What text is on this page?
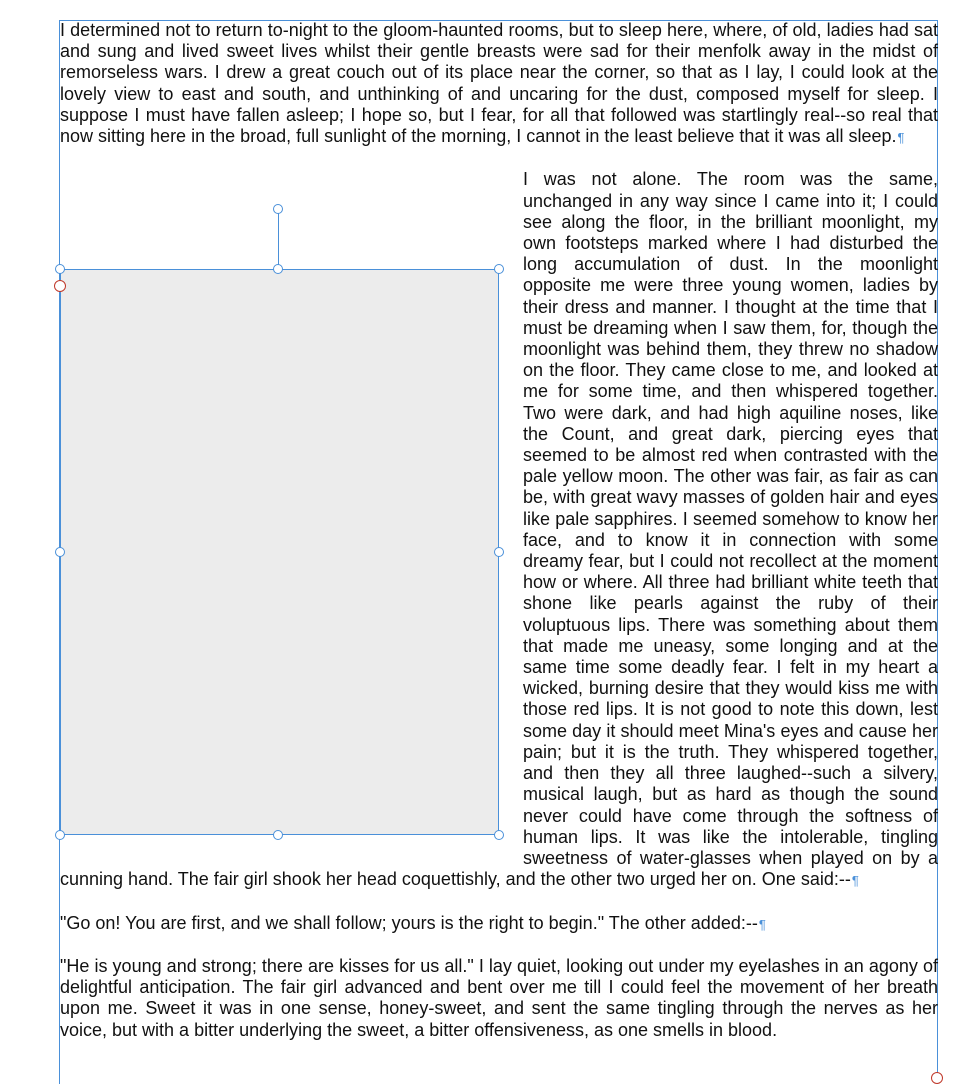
I determined not to return to-night to the gloom-haunted rooms, but to sleep here, where, of old, ladies had sat and sung and lived sweet lives whilst their gentle breasts were sad for their menfolk away in the midst of remorseless wars. I drew a great couch out of its place near the corner, so that as I lay, I could look at the lovely view to east and south, and unthinking of and uncaring for the dust, composed myself for sleep. I suppose I must have fallen asleep; I hope so, but I fear, for all that followed was startlingly real--so real that now sitting here in the broad, full sunlight of the morning, I cannot in the least believe that it was all sleep.¶

I was not alone. The room was the same, unchanged in any way since I came into it; I could see along the floor, in the brilliant moonlight, my own footsteps marked where I had disturbed the long accumulation of dust. In the moonlight opposite me were three young women, ladies by their dress and manner. I thought at the time that I must be dreaming when I saw them, for, though the moonlight was behind them, they threw no shadow on the floor. They came close to me, and looked at me for some time, and then whispered together. Two were dark, and had high aquiline noses, like the Count, and great dark, piercing eyes that seemed to be almost red when contrasted with the pale yellow moon. The other was fair, as fair as can be, with great wavy masses of golden hair and eyes like pale sapphires. I seemed somehow to know her face, and to know it in connection with some dreamy fear, but I could not recollect at the moment how or where. All three had brilliant white teeth that shone like pearls against the ruby of their voluptuous lips. There was something about them that made me uneasy, some longing and at the same time some deadly fear. I felt in my heart a wicked, burning desire that they would kiss me with those red lips. It is not good to note this down, lest some day it should meet Mina's eyes and cause her pain; but it is the truth. They whispered together, and then they all three laughed--such a silvery, musical laugh, but as hard as though the sound never could have come through the softness of human lips. It was like the intolerable, tingling sweetness of water-glasses when played on by a cunning hand. The fair girl shook her head coquettishly, and the other two urged her on. One said:--¶

"Go on! You are first, and we shall follow; yours is the right to begin." The other added:--¶

"He is young and strong; there are kisses for us all." I lay quiet, looking out under my eyelashes in an agony of delightful anticipation. The fair girl advanced and bent over me till I could feel the movement of her breath upon me. Sweet it was in one sense, honey-sweet, and sent the same tingling through the nerves as her voice, but with a bitter underlying the sweet, a bitter offensiveness, as one smells in blood.
